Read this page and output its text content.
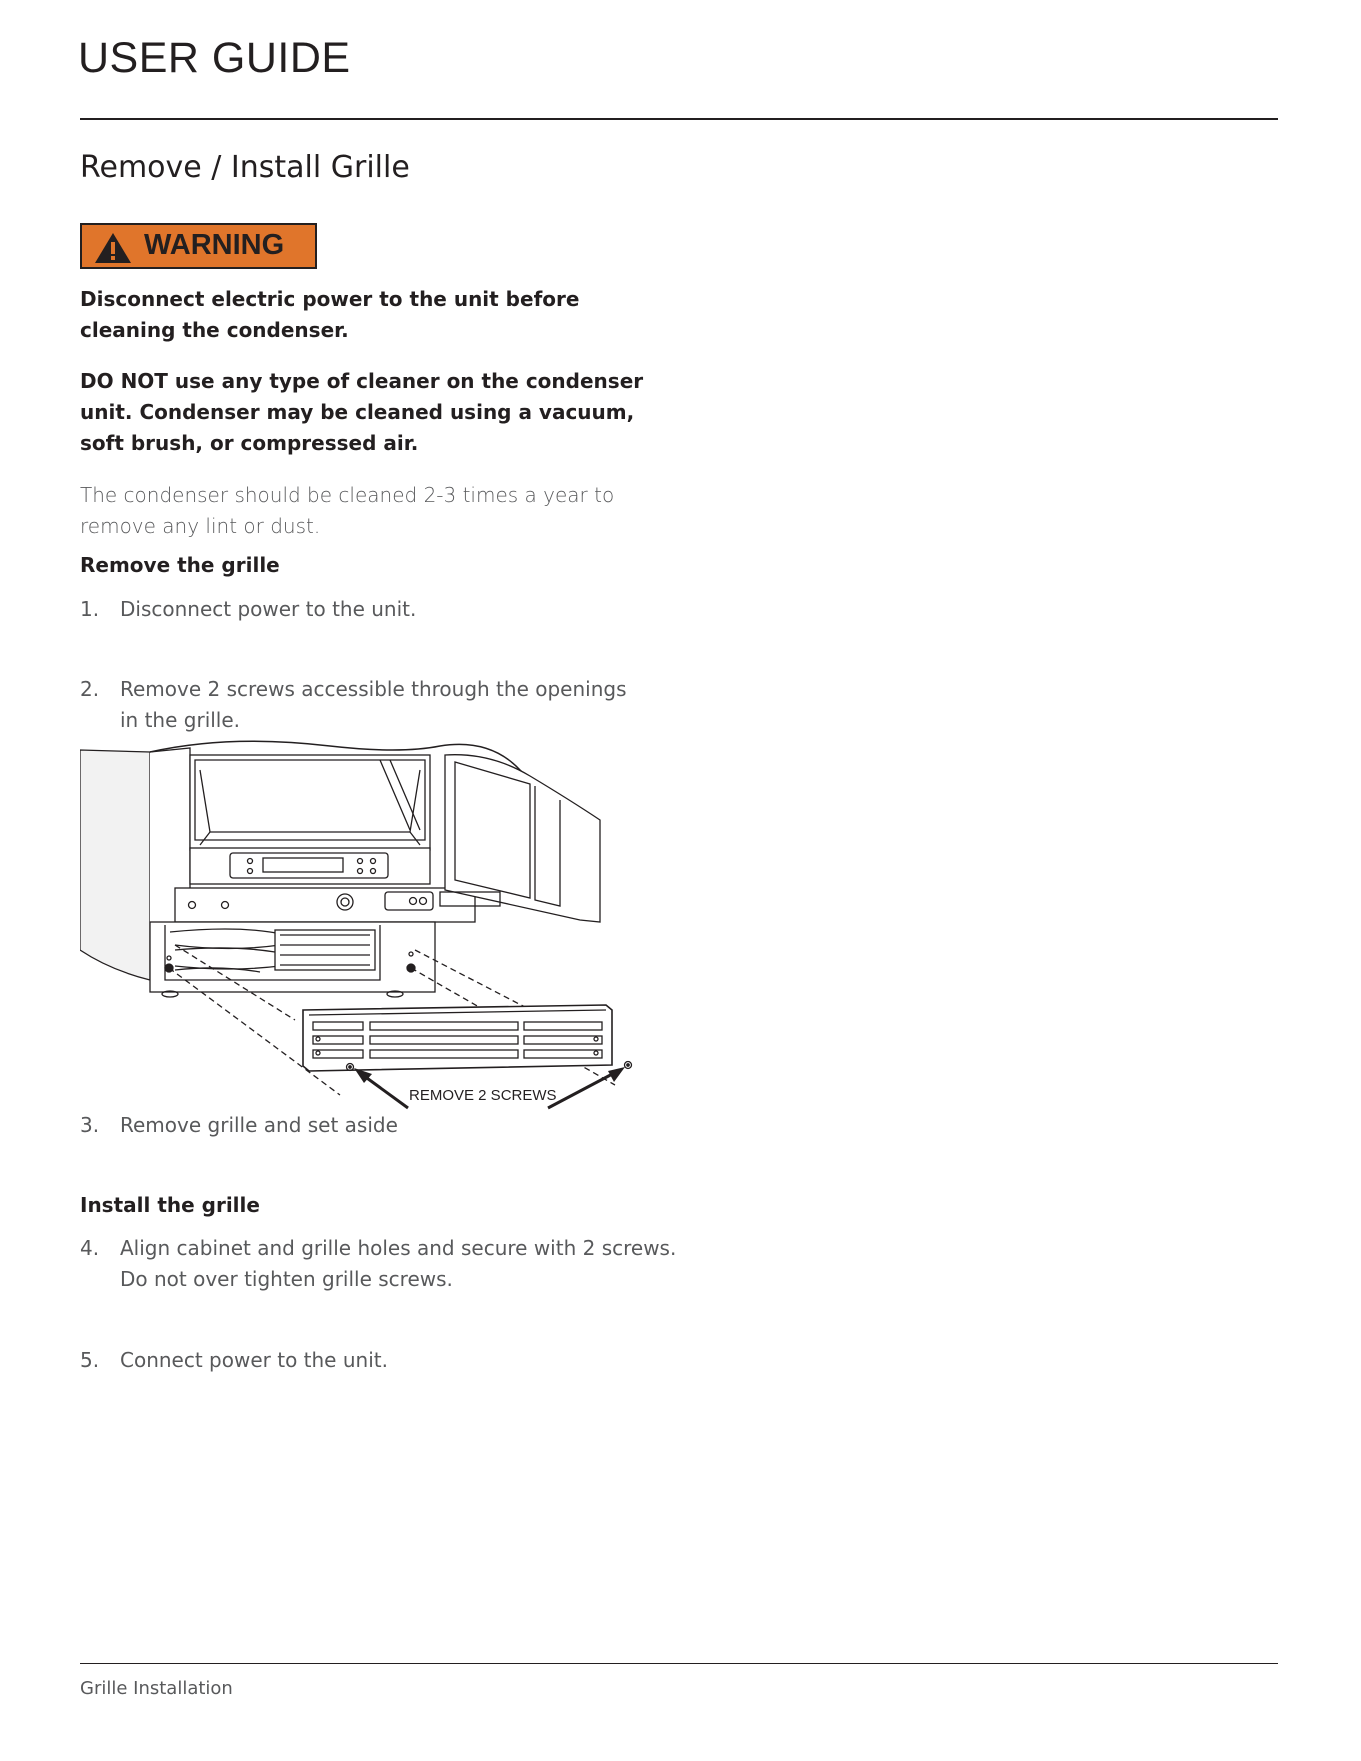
USER GUIDE
Remove / Install Grille
WARNING
Disconnect electric power to the unit before cleaning the condenser.
DO NOT use any type of cleaner on the condenser unit. Condenser may be cleaned using a vacuum, soft brush, or compressed air.
The condenser should be cleaned 2-3 times a year to remove any lint or dust.
Remove the grille
1. Disconnect power to the unit.
2. Remove 2 screws accessible through the openings in the grille.
REMOVE 2 SCREWS
3. Remove grille and set aside
Install the grille
4. Align cabinet and grille holes and secure with 2 screws. Do not over tighten grille screws.
5. Connect power to the unit.
Grille Installation
